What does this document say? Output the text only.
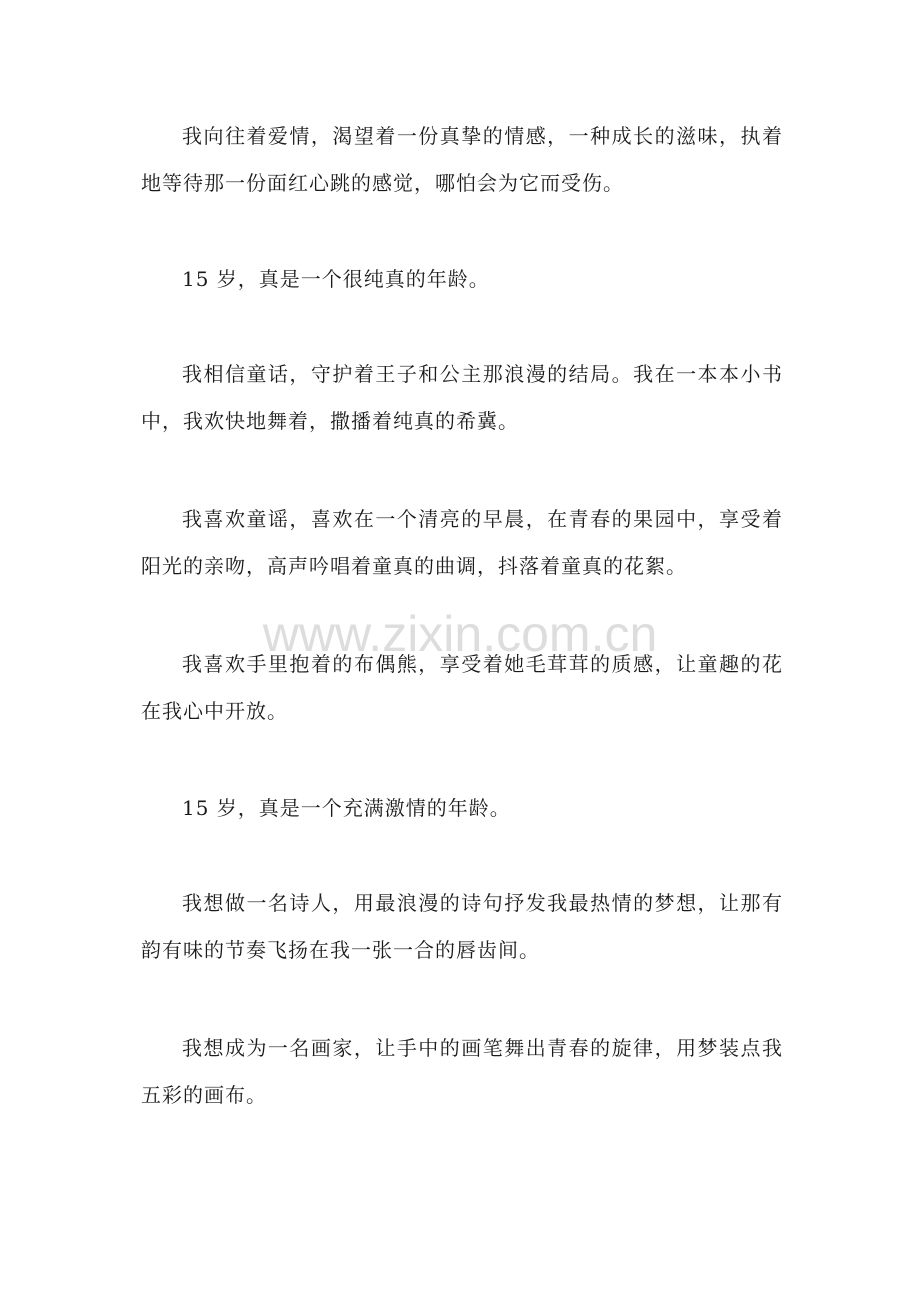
我向往着爱情，渴望着一份真挚的情感，一种成长的滋味，执着地等待那一份面红心跳的感觉，哪怕会为它而受伤。

15 岁，真是一个很纯真的年龄。

我相信童话，守护着王子和公主那浪漫的结局。我在一本本小书中，我欢快地舞着，撒播着纯真的希冀。

我喜欢童谣，喜欢在一个清亮的早晨，在青春的果园中，享受着阳光的亲吻，高声吟唱着童真的曲调，抖落着童真的花絮。

我喜欢手里抱着的布偶熊，享受着她毛茸茸的质感，让童趣的花在我心中开放。

15 岁，真是一个充满激情的年龄。

我想做一名诗人，用最浪漫的诗句抒发我最热情的梦想，让那有韵有味的节奏飞扬在我一张一合的唇齿间。

我想成为一名画家，让手中的画笔舞出青春的旋律，用梦装点我五彩的画布。

www.zixin.com.cn
